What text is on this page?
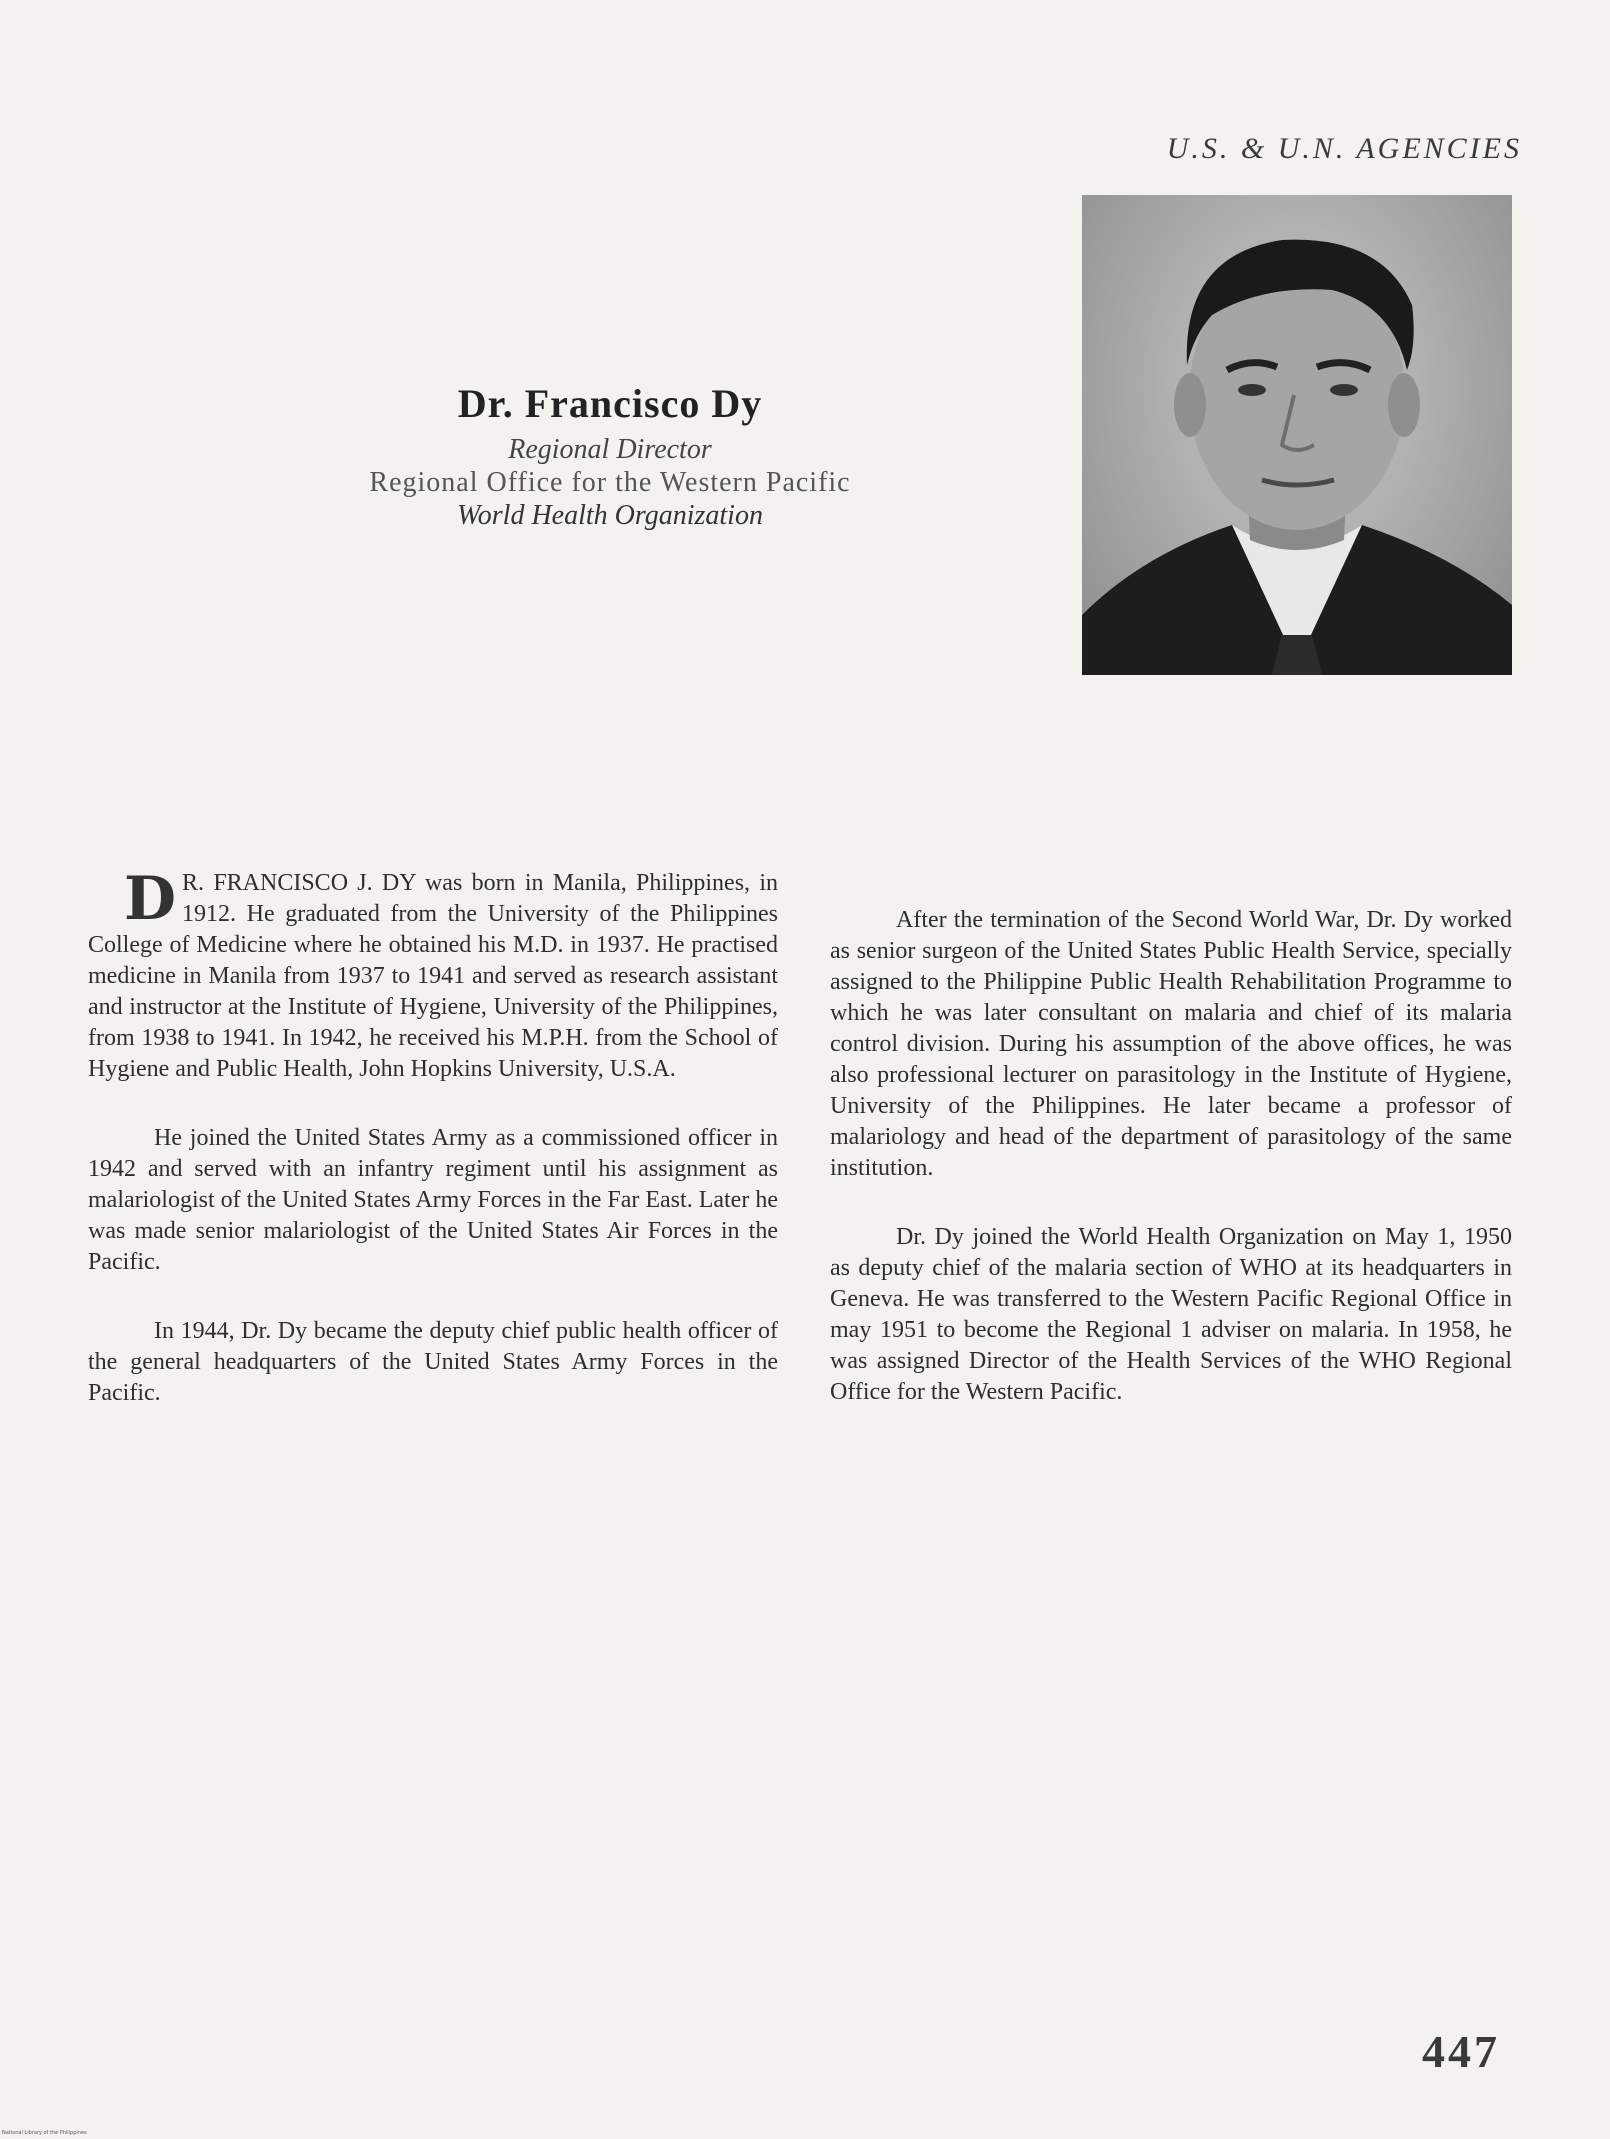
U.S. & U.N. AGENCIES
Dr. Francisco Dy
Regional Director
Regional Office for the Western Pacific
World Health Organization

D R. FRANCISCO J. DY was born in Manila, Philippines, in 1912. He graduated from the University of the Philippines College of Medicine where he obtained his M.D. in 1937. He practised medicine in Manila from 1937 to 1941 and served as research assistant and instructor at the Institute of Hygiene, University of the Philippines, from 1938 to 1941. In 1942, he received his M.P.H. from the School of Hygiene and Public Health, John Hopkins University, U.S.A.

He joined the United States Army as a commissioned officer in 1942 and served with an infantry regiment until his assignment as malariologist of the United States Army Forces in the Far East. Later he was made senior malariologist of the United States Air Forces in the Pacific.

In 1944, Dr. Dy became the deputy chief public health officer of the general headquarters of the United States Army Forces in the Pacific.

After the termination of the Second World War, Dr. Dy worked as senior surgeon of the United States Public Health Service, specially assigned to the Philippine Public Health Rehabilitation Programme to which he was later consultant on malaria and chief of its malaria control division. During his assumption of the above offices, he was also professional lecturer on parasitology in the Institute of Hygiene, University of the Philippines. He later became a professor of malariology and head of the department of parasitology of the same institution.

Dr. Dy joined the World Health Organization on May 1, 1950 as deputy chief of the malaria section of WHO at its headquarters in Geneva. He was transferred to the Western Pacific Regional Office in may 1951 to become the Regional 1 adviser on malaria. In 1958, he was assigned Director of the Health Services of the WHO Regional Office for the Western Pacific.

447
National Library of the Philippines
